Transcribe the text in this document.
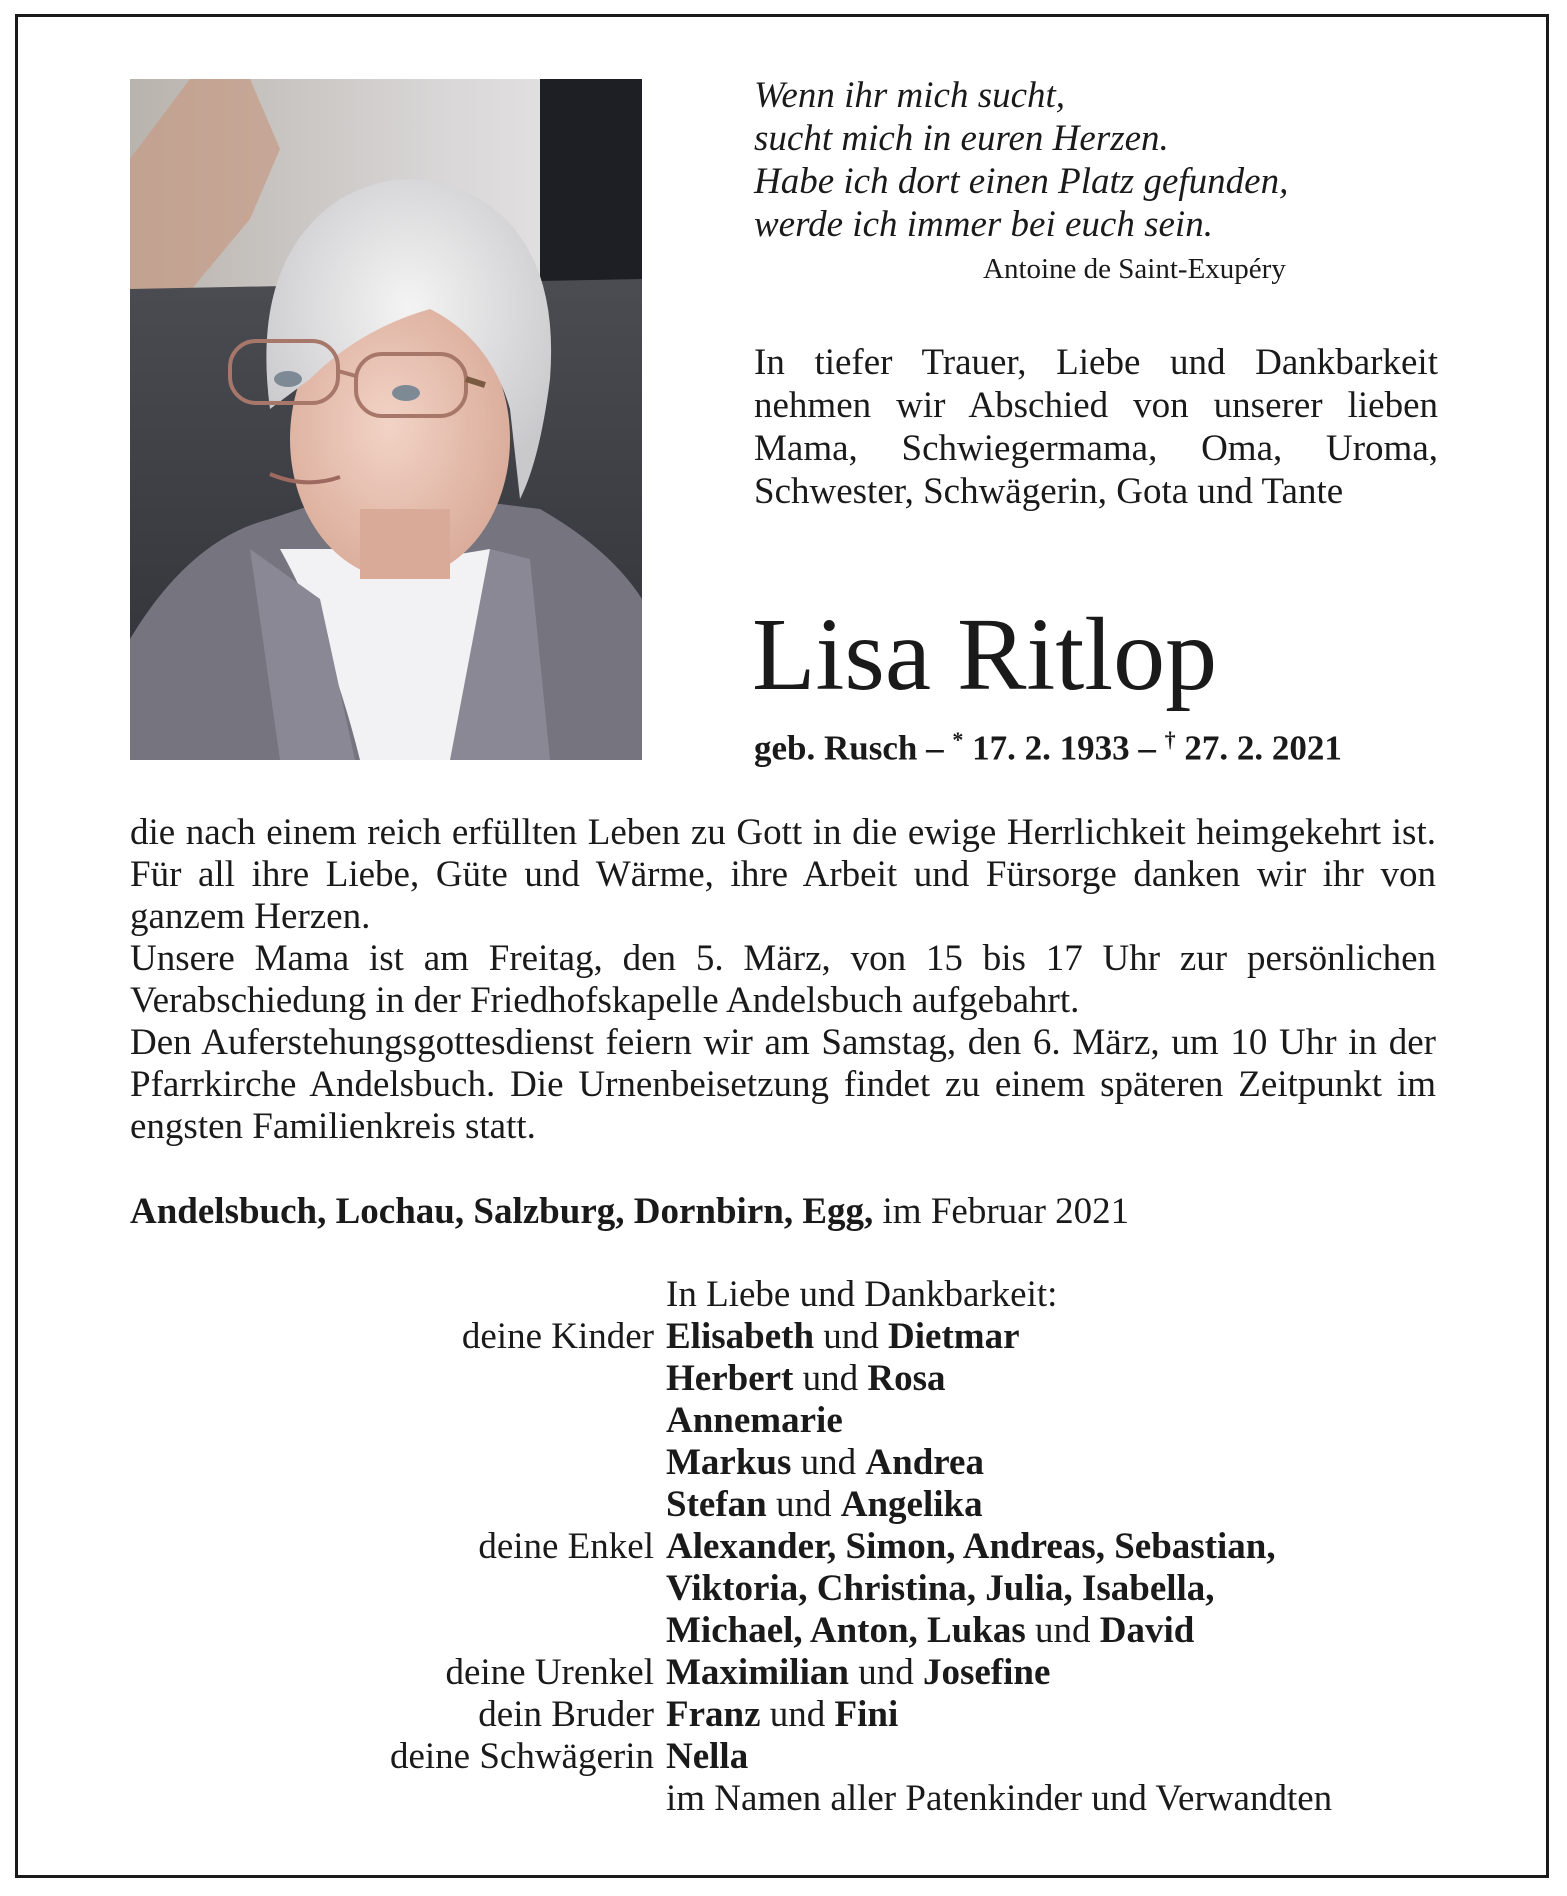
Wenn ihr mich sucht,
sucht mich in euren Herzen.
Habe ich dort einen Platz gefunden,
werde ich immer bei euch sein.
Antoine de Saint-Exupéry
In tiefer Trauer, Liebe und Dankbarkeit nehmen wir Abschied von unserer lieben Mama, Schwiegermama, Oma, Uroma, Schwester, Schwägerin, Gota und Tante
Lisa Ritlop
geb. Rusch – * 17. 2. 1933 – † 27. 2. 2021

die nach einem reich erfüllten Leben zu Gott in die ewige Herrlichkeit heimgekehrt ist. Für all ihre Liebe, Güte und Wärme, ihre Arbeit und Fürsorge danken wir ihr von ganzem Herzen.

Unsere Mama ist am Freitag, den 5. März, von 15 bis 17 Uhr zur persönlichen Verabschiedung in der Friedhofskapelle Andelsbuch aufgebahrt.

Den Auferstehungsgottesdienst feiern wir am Samstag, den 6. März, um 10 Uhr in der Pfarrkirche Andelsbuch. Die Urnenbeisetzung findet zu einem späteren Zeitpunkt im engsten Familienkreis statt.

Andelsbuch, Lochau, Salzburg, Dornbirn, Egg, im Februar 2021
In Liebe und Dankbarkeit:
deine Kinder Elisabeth und Dietmar
Herbert und Rosa
Annemarie
Markus und Andrea
Stefan und Angelika
deine Enkel Alexander, Simon, Andreas, Sebastian,
Viktoria, Christina, Julia, Isabella,
Michael, Anton, Lukas und David
deine Urenkel Maximilian und Josefine
dein Bruder Franz und Fini
deine Schwägerin Nella
im Namen aller Patenkinder und Verwandten
